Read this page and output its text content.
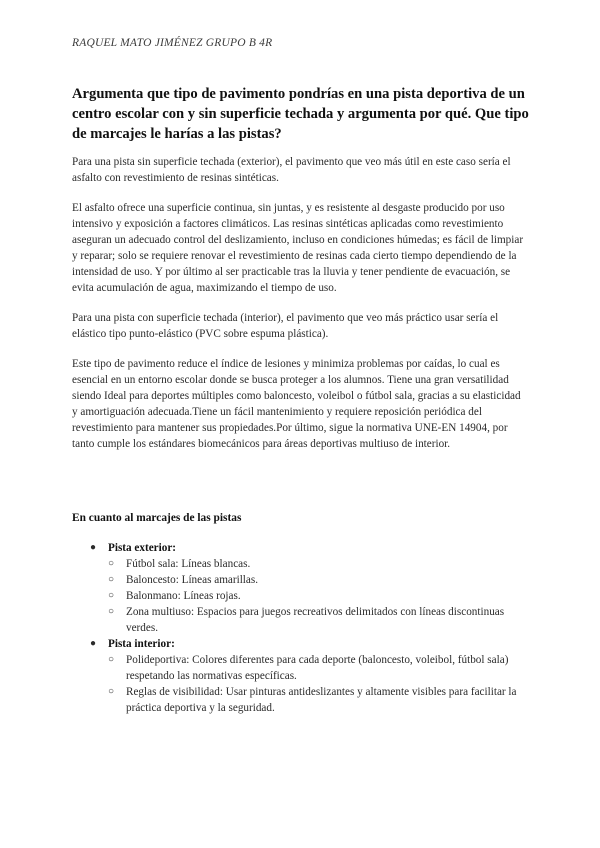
RAQUEL MATO JIMÉNEZ GRUPO B 4R
Argumenta que tipo de pavimento pondrías en una pista deportiva de un centro escolar con y sin superficie techada y argumenta por qué. Que tipo de marcajes le harías a las pistas?

Para una pista sin superficie techada (exterior), el pavimento que veo más útil en este caso sería el asfalto con revestimiento de resinas sintéticas.

El asfalto ofrece una superficie continua, sin juntas, y es resistente al desgaste producido por uso intensivo y exposición a factores climáticos. Las resinas sintéticas aplicadas como revestimiento aseguran un adecuado control del deslizamiento, incluso en condiciones húmedas; es fácil de limpiar y reparar; solo se requiere renovar el revestimiento de resinas cada cierto tiempo dependiendo de la intensidad de uso. Y por último al ser practicable tras la lluvia y tener pendiente de evacuación, se evita acumulación de agua, maximizando el tiempo de uso.

Para una pista con superficie techada (interior), el pavimento que veo más práctico usar sería el elástico tipo punto-elástico (PVC sobre espuma plástica).

Este tipo de pavimento reduce el índice de lesiones y minimiza problemas por caídas, lo cual es esencial en un entorno escolar donde se busca proteger a los alumnos. Tiene una gran versatilidad siendo Ideal para deportes múltiples como baloncesto, voleibol o fútbol sala, gracias a su elasticidad y amortiguación adecuada.Tiene un fácil mantenimiento y requiere reposición periódica del revestimiento para mantener sus propiedades.Por último, sigue la normativa UNE-EN 14904, por tanto cumple los estándares biomecánicos para áreas deportivas multiuso de interior.

En cuanto al marcajes de las pistas
● Pista exterior:
○ Fútbol sala: Líneas blancas.
○ Baloncesto: Líneas amarillas.
○ Balonmano: Líneas rojas.
○ Zona multiuso: Espacios para juegos recreativos delimitados con líneas discontinuas verdes.
● Pista interior:
○ Polideportiva: Colores diferentes para cada deporte (baloncesto, voleibol, fútbol sala) respetando las normativas específicas.
○ Reglas de visibilidad: Usar pinturas antideslizantes y altamente visibles para facilitar la práctica deportiva y la seguridad.
